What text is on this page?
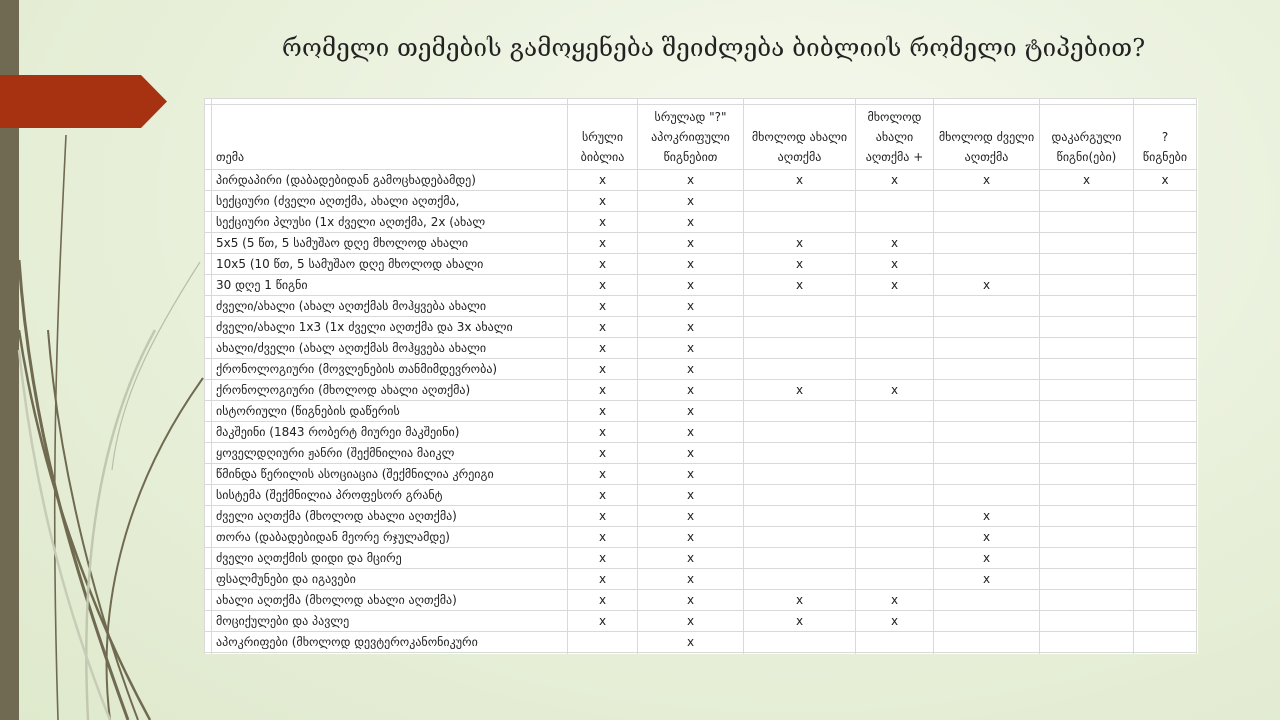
რომელი თემების გამოყენება შეიძლება ბიბლიის რომელი ტიპებით?

	თემა	სრული ბიბლია	სრულად "?" აპოკრიფული წიგნებით	მხოლოდ ახალი აღთქმა	მხოლოდ ახალი აღთქმა +	მხოლოდ ძველი აღთქმა	დაკარგული წიგნი(ები)	? წიგნები
	პირდაპირი (დაბადებიდან გამოცხადებამდე)	x	x	x	x	x	x	x
	სექციური (ძველი აღთქმა, ახალი აღთქმა,	x	x					
	სექციური პლუსი (1x ძველი აღთქმა, 2x (ახალ	x	x					
	5x5 (5 წთ, 5 სამუშაო დღე მხოლოდ ახალი	x	x	x	x			
	10x5 (10 წთ, 5 სამუშაო დღე მხოლოდ ახალი	x	x	x	x			
	30 დღე 1 წიგნი	x	x	x	x	x		
	ძველი/ახალი (ახალ აღთქმას მოჰყვება ახალი	x	x					
	ძველი/ახალი 1x3 (1x ძველი აღთქმა და 3x ახალი	x	x					
	ახალი/ძველი (ახალ აღთქმას მოჰყვება ახალი	x	x					
	ქრონოლოგიური (მოვლენების თანმიმდევრობა)	x	x					
	ქრონოლოგიური (მხოლოდ ახალი აღთქმა)	x	x	x	x			
	ისტორიული (წიგნების დაწერის	x	x					
	მაკშეინი (1843 რობერტ მიურეი მაკშეინი)	x	x					
	ყოველდღიური ჟანრი (შექმნილია მაიკლ	x	x					
	წმინდა წერილის ასოციაცია (შექმნილია კრეიგი	x	x					
	სისტემა (შექმნილია პროფესორ გრანტ	x	x					
	ძველი აღთქმა (მხოლოდ ახალი აღთქმა)	x	x			x		
	თორა (დაბადებიდან მეორე რჯულამდე)	x	x			x		
	ძველი აღთქმის დიდი და მცირე	x	x			x		
	ფსალმუნები და იგავები	x	x			x		
	ახალი აღთქმა (მხოლოდ ახალი აღთქმა)	x	x	x	x			
	მოციქულები და პავლე	x	x	x	x			
	აპოკრიფები (მხოლოდ დევტეროკანონიკური		x					
